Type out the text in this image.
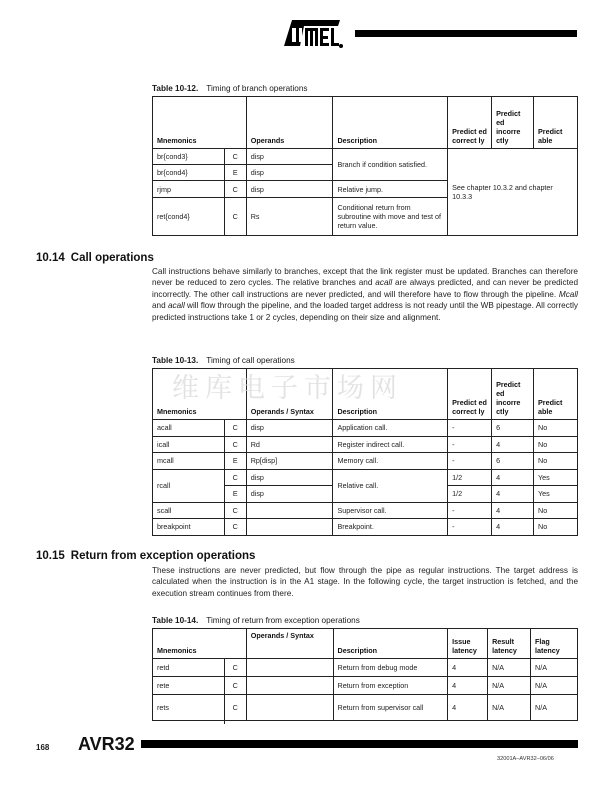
Table 10-12. Timing of branch operations
Mnemonics		Operands	Description	Predict ed correct ly	Predict ed incorre ctly	Predict able
br{cond3}	C	disp	Branch if condition satisfied.	See chapter 10.3.2 and chapter 10.3.3		
br{cond4}	E	disp				
rjmp	C	disp	Relative jump.			
ret{cond4}	C	Rs	Conditional return from subroutine with move and test of return value.			
10.14 Call operations
Call instructions behave similarly to branches, except that the link register must be updated. Branches can therefore never be reduced to zero cycles. The relative branches and acall are always predicted, and can never be predicted incorrectly. The other call instructions are never predicted, and will therefore have to flow through the pipeline. Mcall and acall will flow through the pipeline, and the loaded target address is not ready until the WB pipestage. All correctly predicted instructions take 1 or 2 cycles, depending on their size and alignment.
Table 10-13. Timing of call operations
Mnemonics		Operands / Syntax	Description	Predict ed correct ly	Predict ed incorre ctly	Predict able
acall	C	disp	Application call.	-	6	No
icall	C	Rd	Register indirect call.	-	4	No
mcall	E	Rp[disp]	Memory call.	-	6	No
rcall	C	disp	Relative call.	1/2	4	Yes
	E	disp		1/2	4	Yes
scall	C		Supervisor call.	-	4	No
breakpoint	C		Breakpoint.	-	4	No
维库电子市场网
10.15 Return from exception operations
These instructions are never predicted, but flow through the pipe as regular instructions. The target address is calculated when the instruction is in the A1 stage. In the following cycle, the target instruction is fetched, and the execution stream continues from there.
Table 10-14. Timing of return from exception operations
Mnemonics		Operands / Syntax	Description	Issue latency	Result latency	Flag latency
retd	C		Return from debug mode	4	N/A	N/A
rete	C		Return from exception	4	N/A	N/A
rets	C		Return from supervisor call	4	N/A	N/A
168 AVR32
32001A–AVR32–06/06
